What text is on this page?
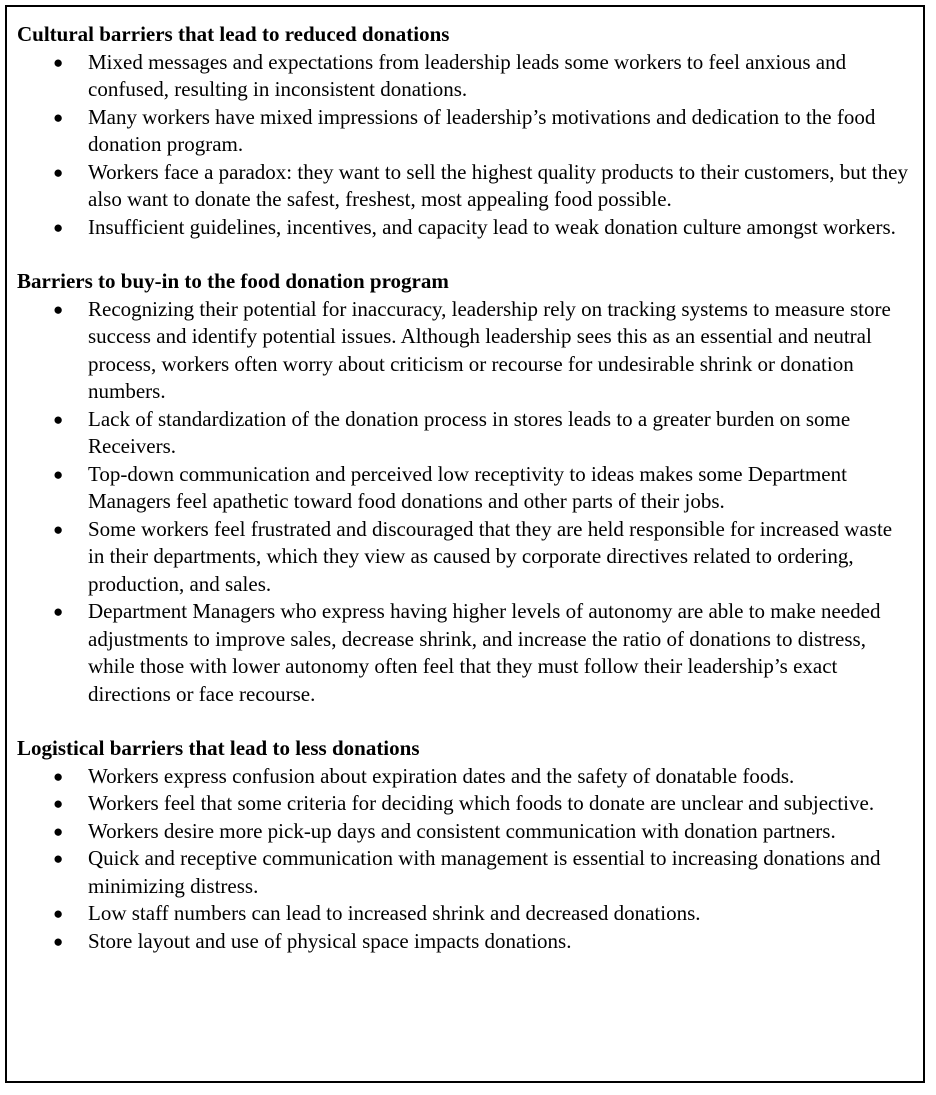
Cultural barriers that lead to reduced donations

● Mixed messages and expectations from leadership leads some workers to feel anxious and confused, resulting in inconsistent donations.
● Many workers have mixed impressions of leadership’s motivations and dedication to the food donation program.
● Workers face a paradox: they want to sell the highest quality products to their customers, but they also want to donate the safest, freshest, most appealing food possible.
● Insufficient guidelines, incentives, and capacity lead to weak donation culture amongst workers.

Barriers to buy-in to the food donation program

● Recognizing their potential for inaccuracy, leadership rely on tracking systems to measure store success and identify potential issues. Although leadership sees this as an essential and neutral process, workers often worry about criticism or recourse for undesirable shrink or donation numbers.
● Lack of standardization of the donation process in stores leads to a greater burden on some Receivers.
● Top-down communication and perceived low receptivity to ideas makes some Department Managers feel apathetic toward food donations and other parts of their jobs.
● Some workers feel frustrated and discouraged that they are held responsible for increased waste in their departments, which they view as caused by corporate directives related to ordering, production, and sales.
● Department Managers who express having higher levels of autonomy are able to make needed adjustments to improve sales, decrease shrink, and increase the ratio of donations to distress, while those with lower autonomy often feel that they must follow their leadership’s exact directions or face recourse.

Logistical barriers that lead to less donations

● Workers express confusion about expiration dates and the safety of donatable foods.
● Workers feel that some criteria for deciding which foods to donate are unclear and subjective.
● Workers desire more pick-up days and consistent communication with donation partners.
● Quick and receptive communication with management is essential to increasing donations and minimizing distress.
● Low staff numbers can lead to increased shrink and decreased donations.
● Store layout and use of physical space impacts donations.
